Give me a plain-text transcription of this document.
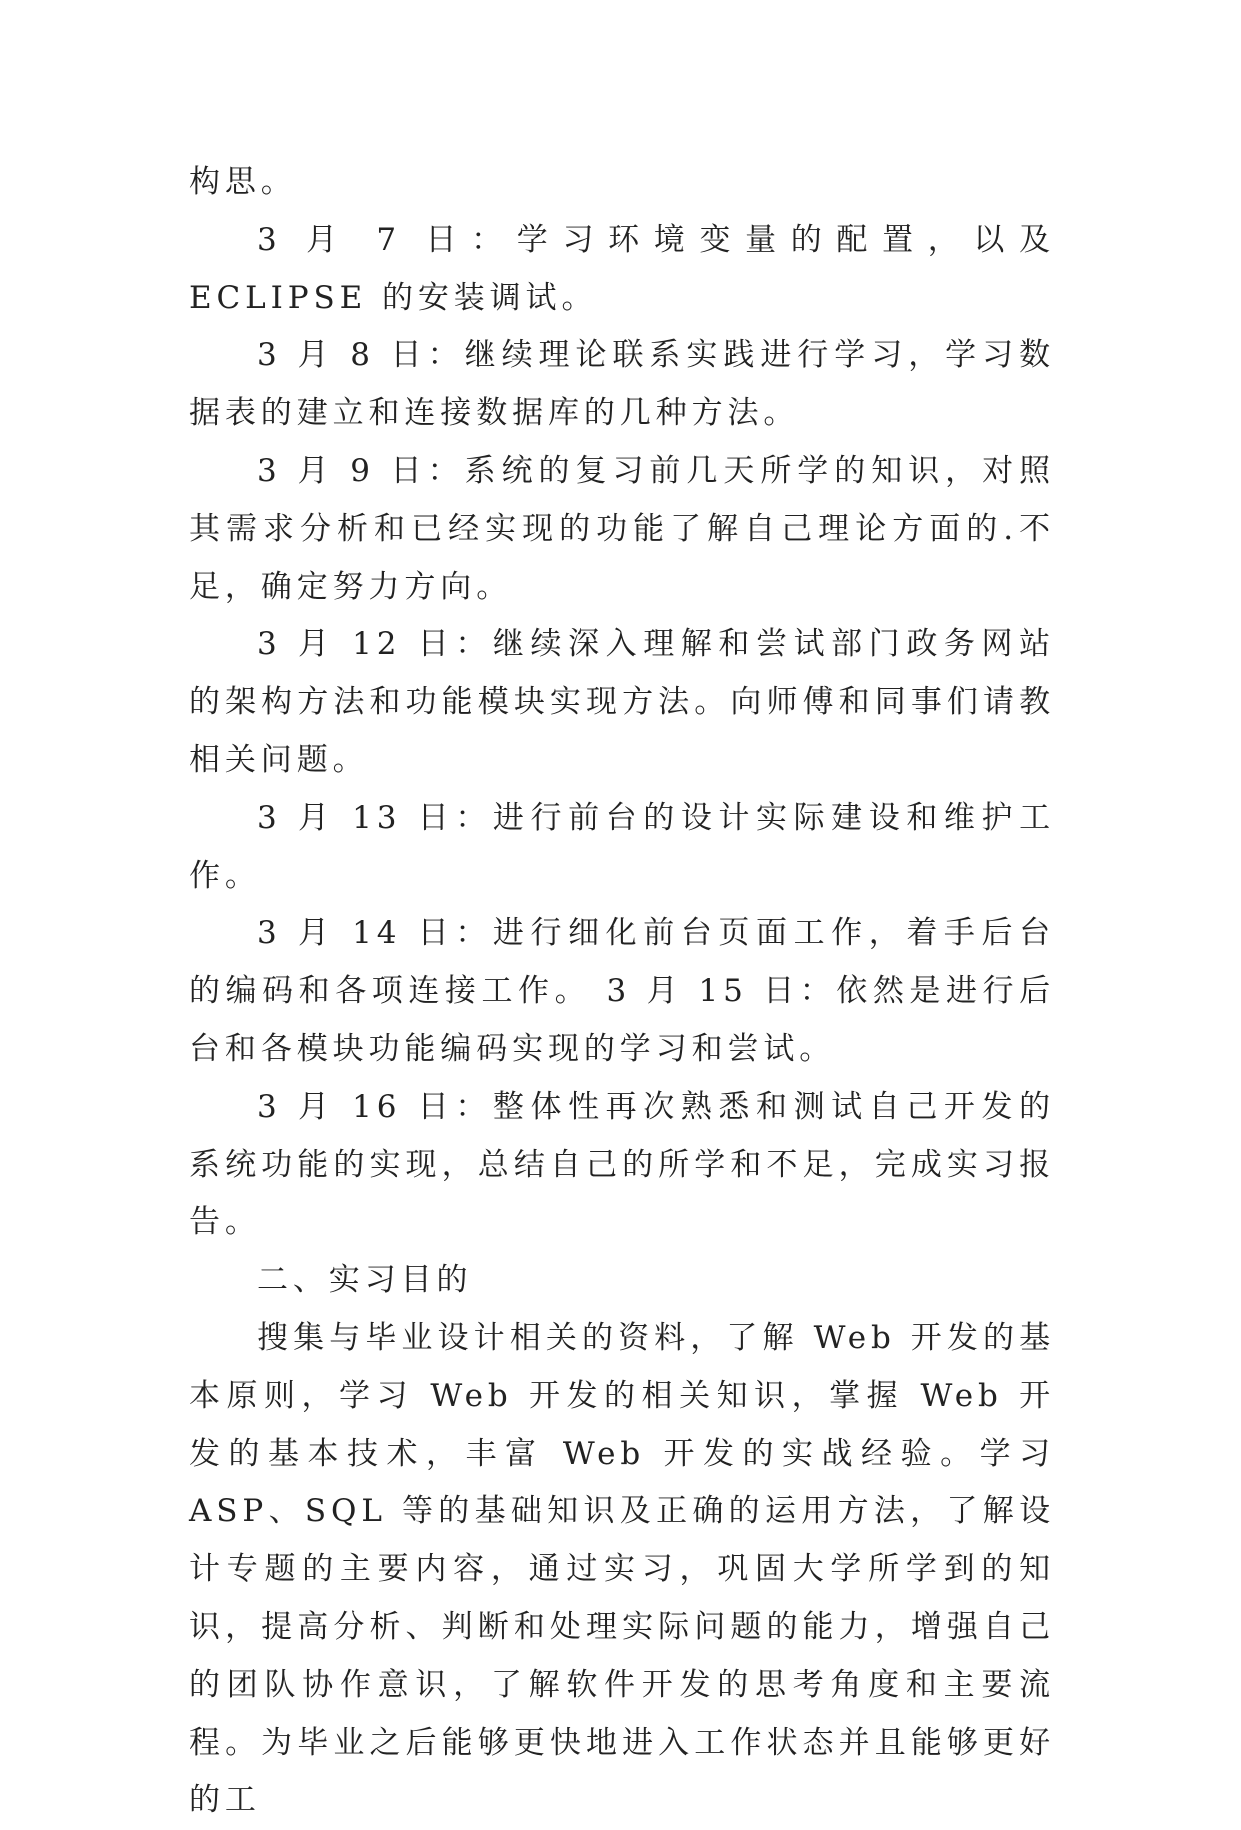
构思。

3 月 7 日：学习环境变量的配置，以及 ECLIPSE 的安装调试。

3 月 8 日：继续理论联系实践进行学习，学习数据表的建立和连接数据库的几种方法。

3 月 9 日：系统的复习前几天所学的知识，对照其需求分析和已经实现的功能了解自己理论方面的.不足，确定努力方向。

3 月 12 日：继续深入理解和尝试部门政务网站的架构方法和功能模块实现方法。向师傅和同事们请教相关问题。

3 月 13 日：进行前台的设计实际建设和维护工作。

3 月 14 日：进行细化前台页面工作，着手后台的编码和各项连接工作。 3 月 15 日：依然是进行后台和各模块功能编码实现的学习和尝试。

3 月 16 日：整体性再次熟悉和测试自己开发的系统功能的实现，总结自己的所学和不足，完成实习报告。

二、实习目的

搜集与毕业设计相关的资料，了解 Web 开发的基本原则，学习 Web 开发的相关知识，掌握 Web 开发的基本技术，丰富 Web 开发的实战经验。学习 ASP、SQL 等的基础知识及正确的运用方法，了解设计专题的主要内容，通过实习，巩固大学所学到的知识，提高分析、判断和处理实际问题的能力，增强自己的团队协作意识，了解软件开发的思考角度和主要流程。为毕业之后能够更快地进入工作状态并且能够更好的工
